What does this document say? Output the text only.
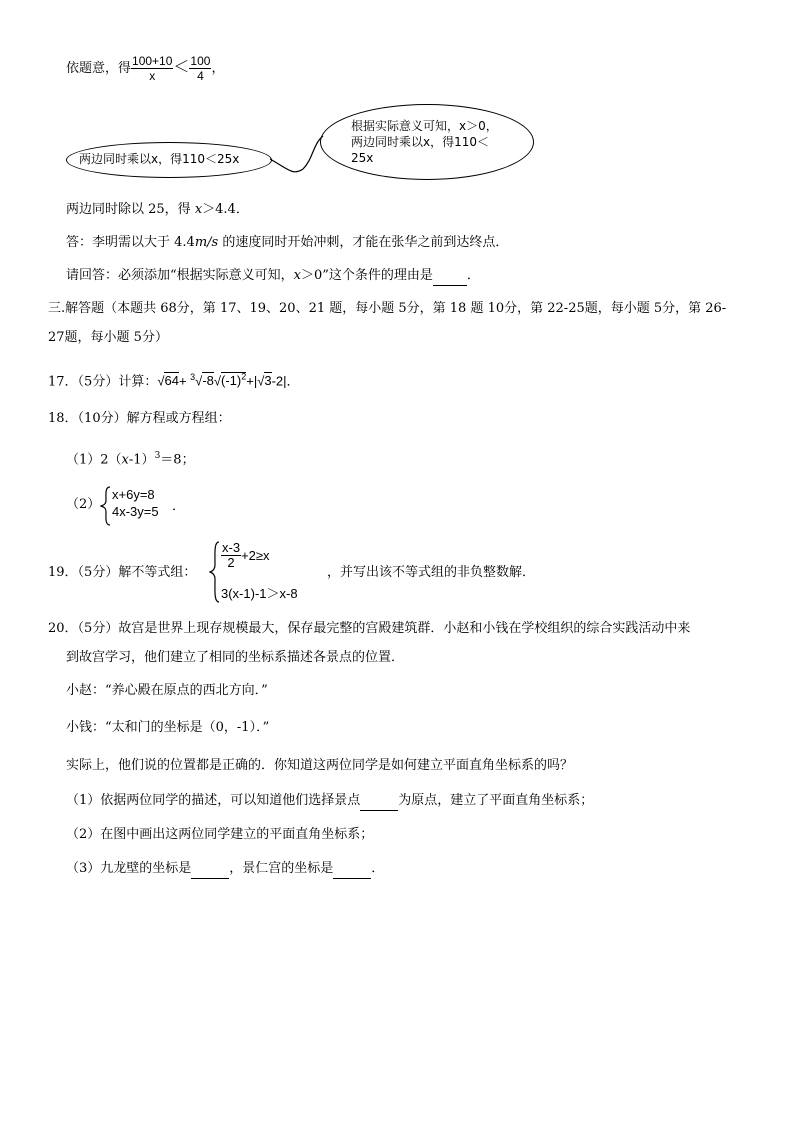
依题意，得 $\frac{100+10}{x} < \frac{100}{4}$ ，
两边同时乘以x，得110＜25x
根据实际意义可知，x＞0，
两边同时乘以x，得110＜
25x
两边同时除以 25，得 x＞4.4．
答：李明需以大于 4.4m/s 的速度同时开始冲刺，才能在张华之前到达终点．
请回答：必须添加“根据实际意义可知，x＞0”这个条件的理由是	．
三.解答题（本题共 68分，第 17、19、20、21 题，每小题 5分，第 18 题 10分，第 22-25题，每小题 5分，第 26-
27题，每小题 5分）
17．（5分）计算：$√64+ ^3√-8√(-1)^2+|√3-2|$．
18．（10分）解方程或方程组：
$(1)2(x-1)^3=8$；
（2）
x+6y=8
4x-3y=5 ．
19．（5分）解不等式组：
$\frac{x-3}{2} +2\ge x$
3(x-1)-1＞x-8
，并写出该不等式组的非负整数解．
20．（5分）故宫是世界上现存规模最大，保存最完整的宫殿建筑群．小赵和小钱在学校组织的综合实践活动中来
到故宫学习，他们建立了相同的坐标系描述各景点的位置．
小赵：“养心殿在原点的西北方向．”
小钱：“太和门的坐标是（0，-1）．”
实际上，他们说的位置都是正确的．你知道这两位同学是如何建立平面直角坐标系的吗？
（1）依据两位同学的描述，可以知道他们选择景点	为原点，建立了平面直角坐标系；
（2）在图中画出这两位同学建立的平面直角坐标系；
（3）九龙壁的坐标是	，景仁宫的坐标是	．
